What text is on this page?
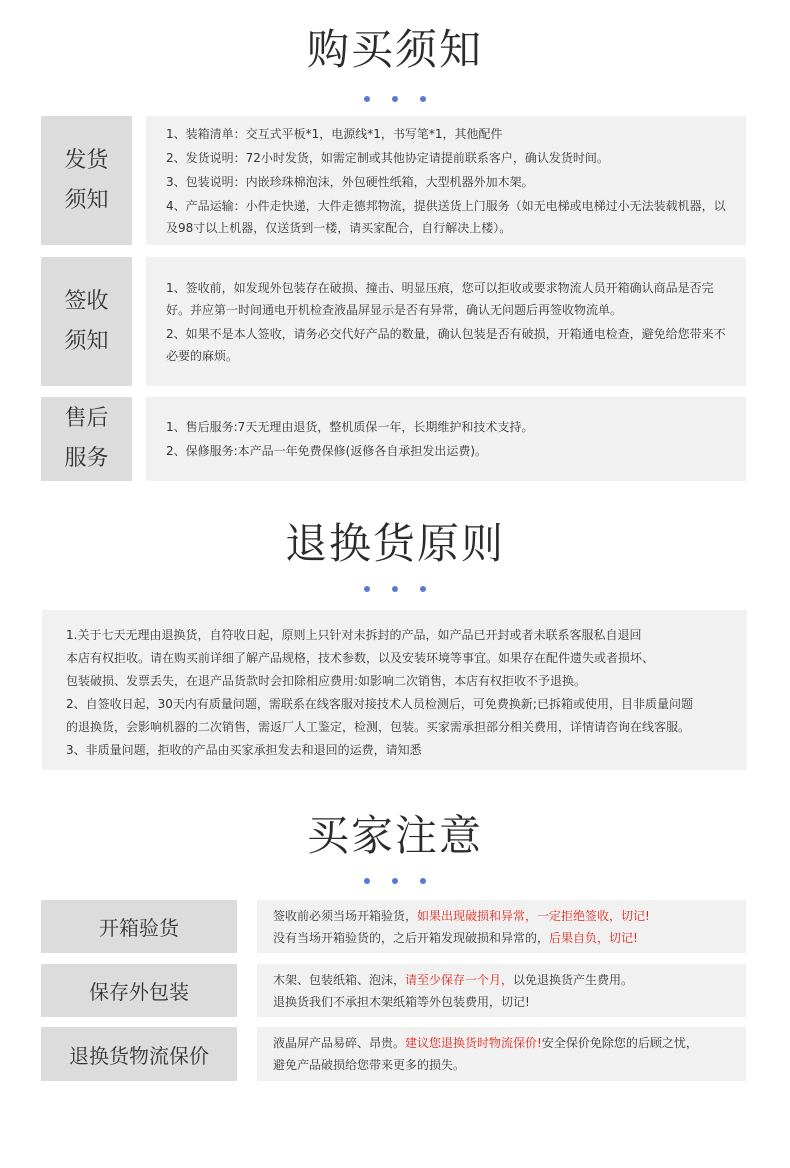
购买须知
发货
须知

1、装箱清单：交互式平板*1，电源线*1，书写笔*1，其他配件

2、发货说明：72小时发货，如需定制或其他协定请提前联系客户，确认发货时间。

3、包装说明：内嵌珍珠棉泡沫，外包硬性纸箱，大型机器外加木架。

4、产品运输：小件走快递，大件走德邦物流，提供送货上门服务（如无电梯或电梯过小无法装载机器，以及98寸以上机器，仅送货到一楼，请买家配合，自行解决上楼）。

签收
须知

1、签收前，如发现外包装存在破损、撞击、明显压痕，您可以拒收或要求物流人员开箱确认商品是否完好。并应第一时间通电开机检查液晶屏显示是否有异常，确认无问题后再签收物流单。

2、如果不是本人签收，请务必交代好产品的数量，确认包装是否有破损，开箱通电检查，避免给您带来不必要的麻烦。

售后
服务

1、售后服务:7天无理由退货，整机质保一年，长期维护和技术支持。

2、保修服务:本产品一年免费保修(返修各自承担发出运费)。

退换货原则

1.关于七天无理由退换货，自符收日起，原则上只针对未拆封的产品，如产品已开封或者未联系客服私自退回

本店有权拒收。请在购买前详细了解产品规格，技术参数，以及安装环境等事宜。如果存在配件遗失或者损坏、

包装破损、发票丢失，在退产品货款时会扣除相应费用:如影响二次销售，本店有权拒收不予退换。

2、自签收日起，30天内有质量问题，需联系在线客服对接技术人员检测后，可免费换新;已拆箱或使用，目非质量问题

的退换货，会影响机器的二次销售，需返厂人工鉴定，检测，包装。买家需承担部分相关费用，详情请咨询在线客服。

3、非质量问题，拒收的产品由买家承担发去和退回的运费，请知悉

买家注意
开箱验货

签收前必须当场开箱验货，如果出现破损和异常，一定拒绝签收，切记!

没有当场开箱验货的，之后开箱发现破损和异常的，后果自负，切记!

保存外包装

木架、包装纸箱、泡沫，请至少保存一个月，以免退换货产生费用。

退换货我们不承担木架纸箱等外包装费用，切记!

退换货物流保价

液晶屏产品易碎、昂贵。建议您退换货时物流保价!安全保价免除您的后顾之忧，

避免产品破损给您带来更多的损失。
